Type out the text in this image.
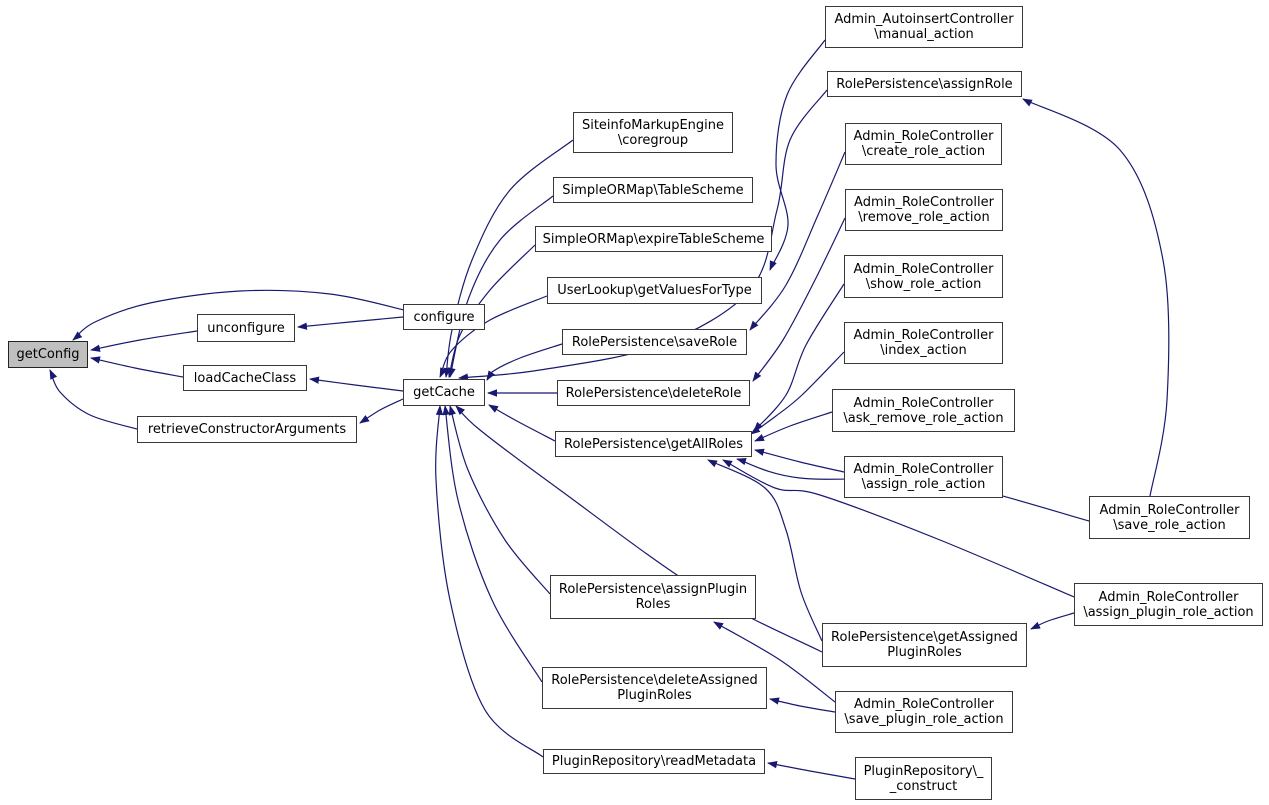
getConfig
unconfigure
loadCacheClass
retrieveConstructorArguments
configure
getCache
SiteinfoMarkupEngine
\coregroup
SimpleORMap\TableScheme
SimpleORMap\expireTableScheme
UserLookup\getValuesForType
RolePersistence\saveRole
RolePersistence\deleteRole
RolePersistence\getAllRoles
Admin_AutoinsertController
\manual_action
RolePersistence\assignRole
Admin_RoleController
\create_role_action
Admin_RoleController
\remove_role_action
Admin_RoleController
\show_role_action
Admin_RoleController
\index_action
Admin_RoleController
\ask_remove_role_action
Admin_RoleController
\assign_role_action
Admin_RoleController
\save_role_action
Admin_RoleController
\assign_plugin_role_action
RolePersistence\assignPlugin
Roles
RolePersistence\getAssigned
PluginRoles
RolePersistence\deleteAssigned
PluginRoles
Admin_RoleController
\save_plugin_role_action
PluginRepository\readMetadata
PluginRepository\_
_construct
